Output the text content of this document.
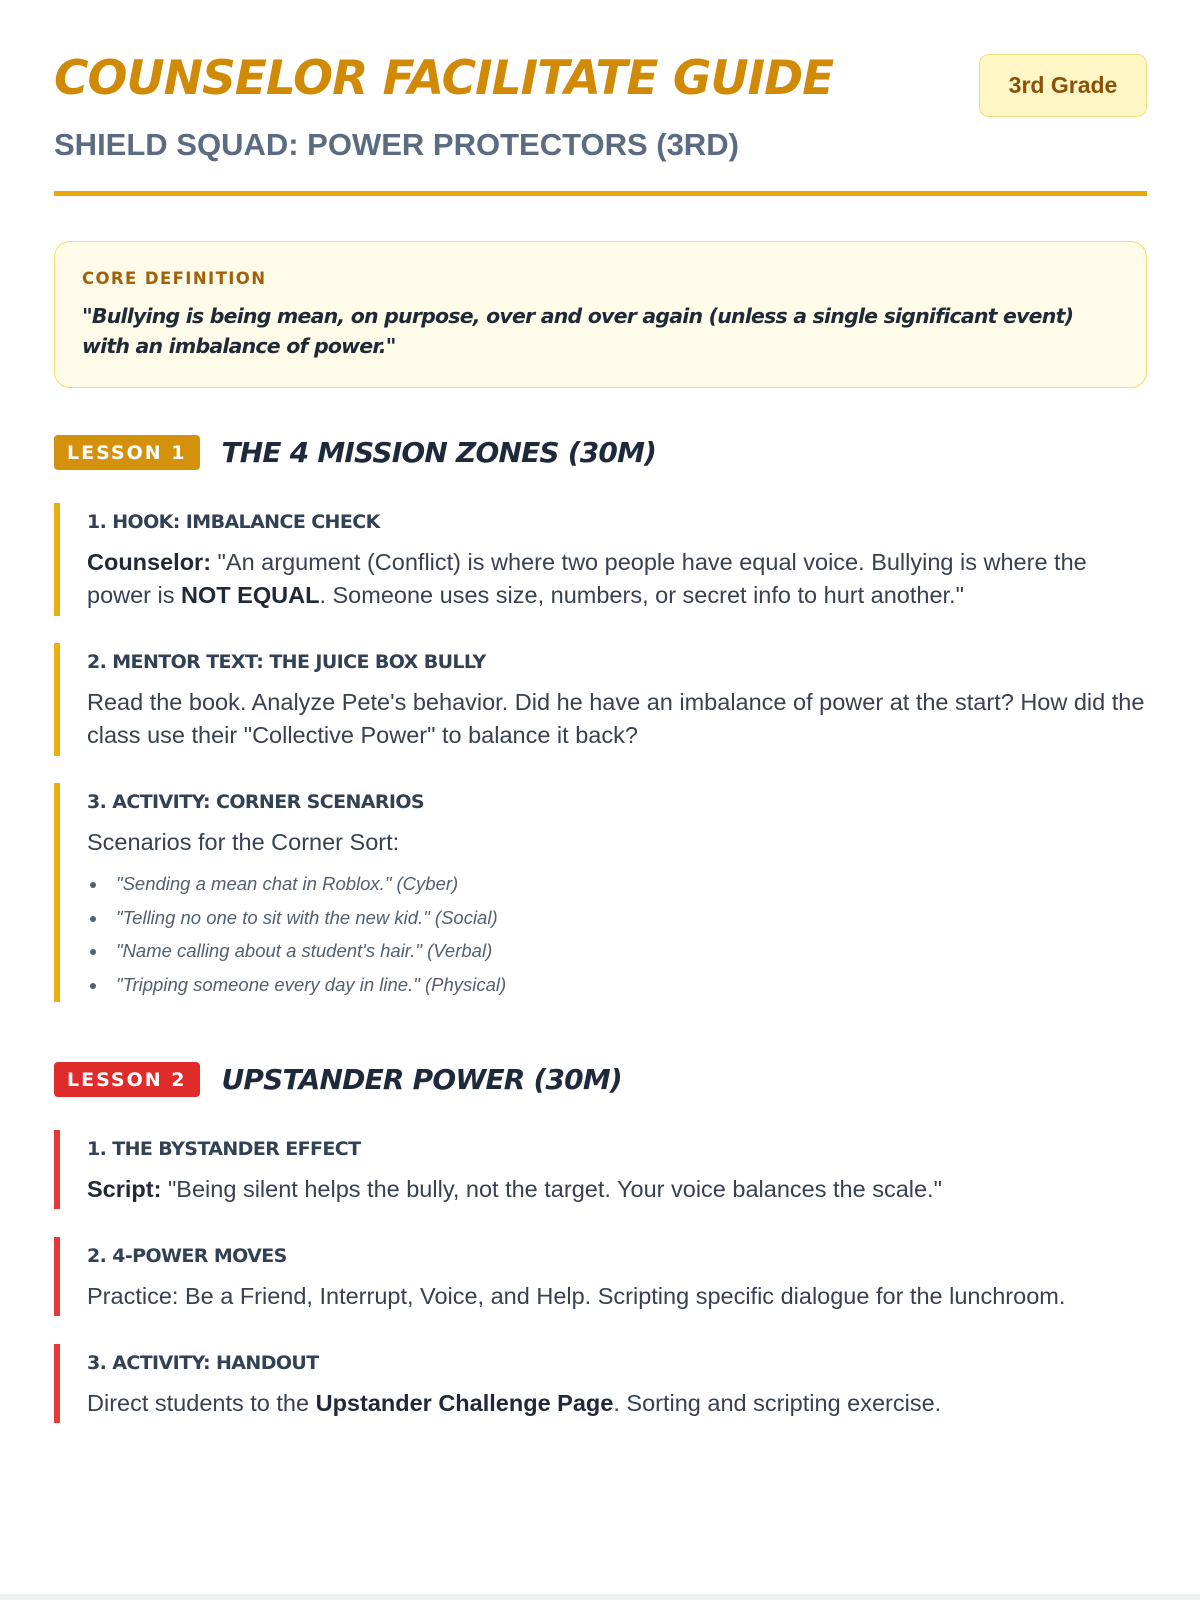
COUNSELOR FACILITATE GUIDE
SHIELD SQUAD: POWER PROTECTORS (3RD)
3rd Grade
CORE DEFINITION
"Bullying is being mean, on purpose, over and over again (unless a single significant event) with an imbalance of power."
LESSON 1	THE 4 MISSION ZONES (30M)
1. HOOK: IMBALANCE CHECK
Counselor: "An argument (Conflict) is where two people have equal voice. Bullying is where the power is NOT EQUAL. Someone uses size, numbers, or secret info to hurt another."
2. MENTOR TEXT: THE JUICE BOX BULLY
Read the book. Analyze Pete's behavior. Did he have an imbalance of power at the start? How did the class use their "Collective Power" to balance it back?
3. ACTIVITY: CORNER SCENARIOS
Scenarios for the Corner Sort:
"Sending a mean chat in Roblox." (Cyber)
"Telling no one to sit with the new kid." (Social)
"Name calling about a student's hair." (Verbal)
"Tripping someone every day in line." (Physical)
LESSON 2	UPSTANDER POWER (30M)
1. THE BYSTANDER EFFECT
Script: "Being silent helps the bully, not the target. Your voice balances the scale."
2. 4-POWER MOVES
Practice: Be a Friend, Interrupt, Voice, and Help. Scripting specific dialogue for the lunchroom.
3. ACTIVITY: HANDOUT
Direct students to the Upstander Challenge Page. Sorting and scripting exercise.
